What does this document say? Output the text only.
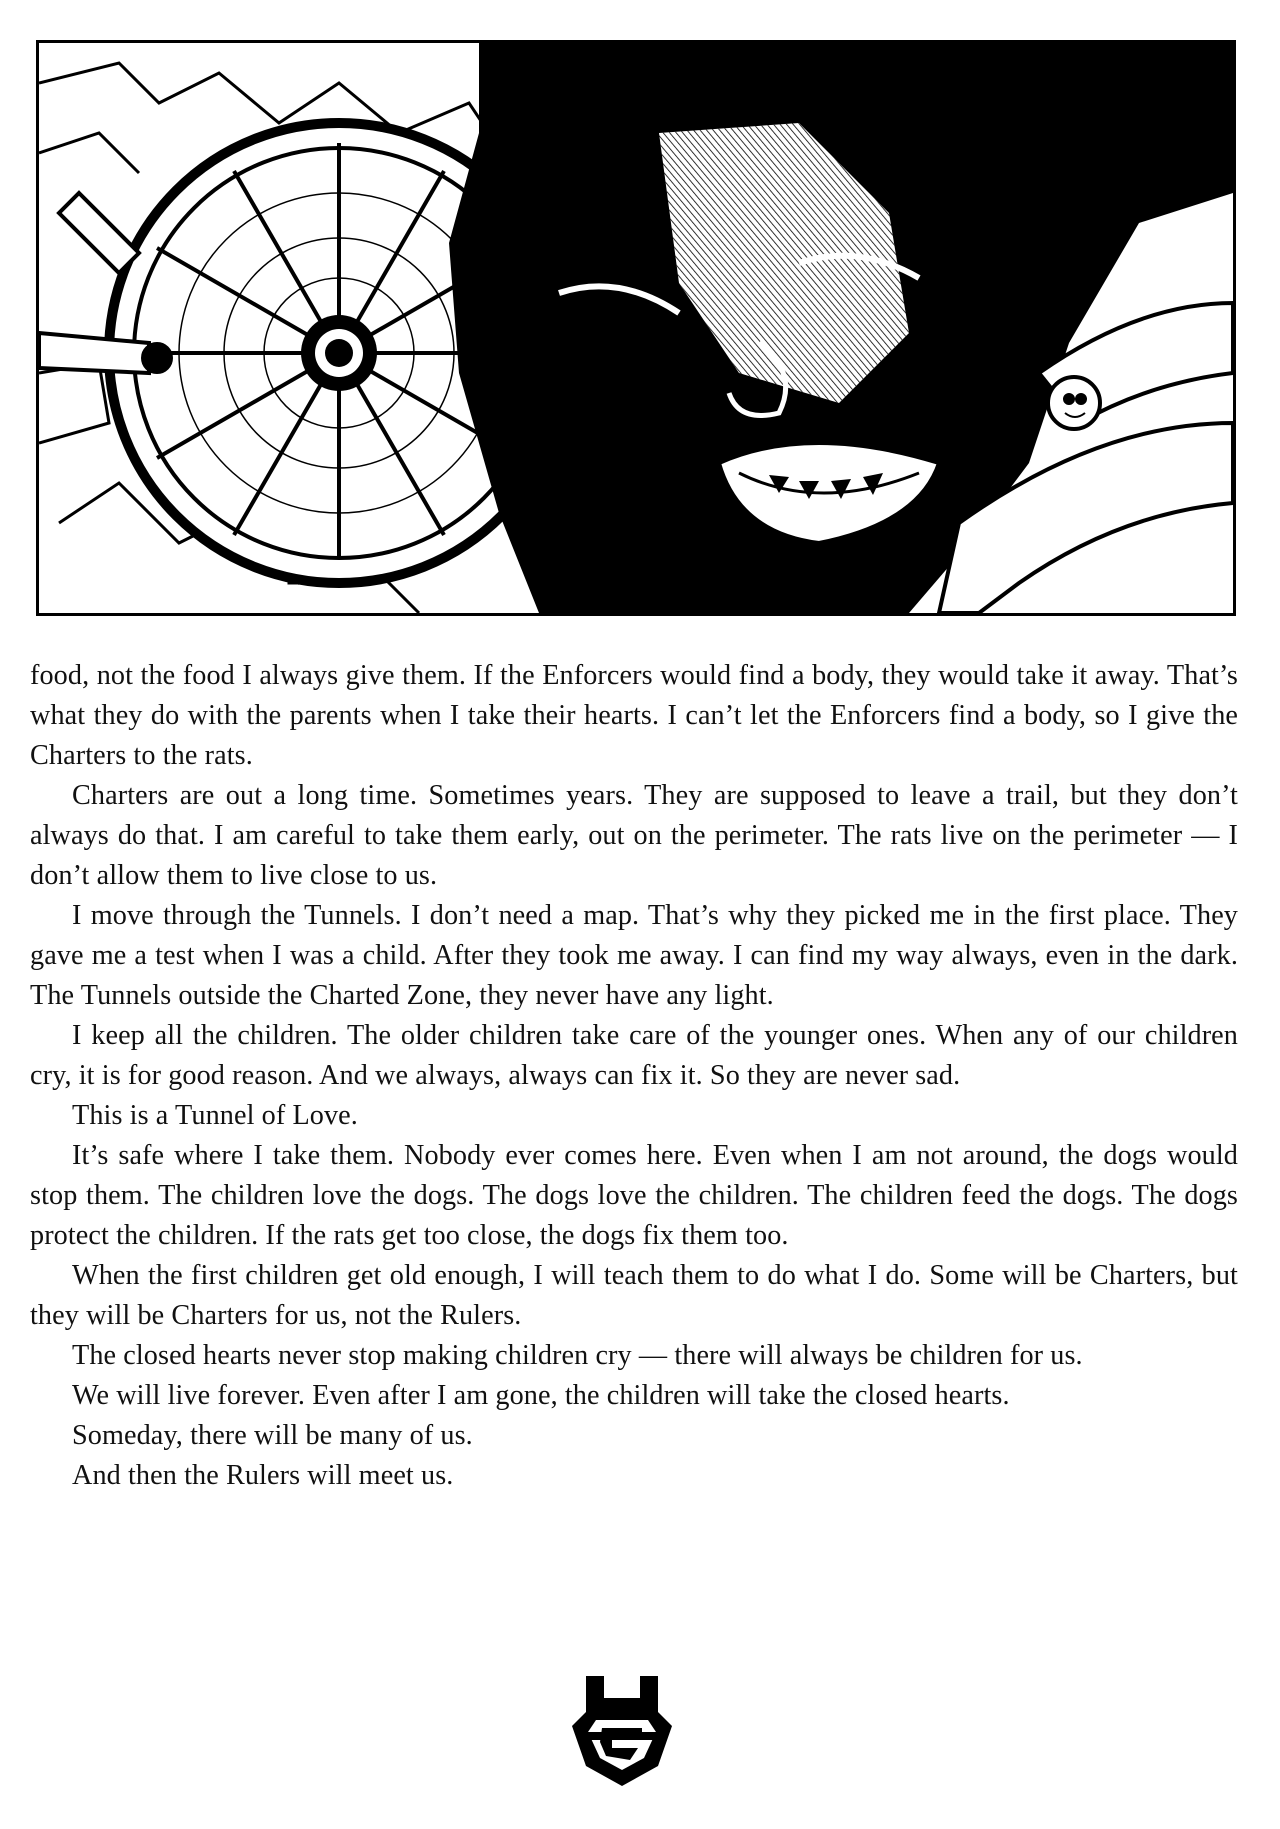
food, not the food I always give them. If the Enforcers would find a body, they would take it away. That’s what they do with the parents when I take their hearts. I can’t let the Enforcers find a body, so I give the Charters to the rats.

Charters are out a long time. Sometimes years. They are supposed to leave a trail, but they don’t always do that. I am careful to take them early, out on the perimeter. The rats live on the perimeter — I don’t allow them to live close to us.

I move through the Tunnels. I don’t need a map. That’s why they picked me in the first place. They gave me a test when I was a child. After they took me away. I can find my way always, even in the dark. The Tunnels outside the Charted Zone, they never have any light.

I keep all the children. The older children take care of the younger ones. When any of our children cry, it is for good reason. And we always, always can fix it. So they are never sad.

This is a Tunnel of Love.

It’s safe where I take them. Nobody ever comes here. Even when I am not around, the dogs would stop them. The children love the dogs. The dogs love the children. The children feed the dogs. The dogs protect the children. If the rats get too close, the dogs fix them too.

When the first children get old enough, I will teach them to do what I do. Some will be Charters, but they will be Charters for us, not the Rulers.

The closed hearts never stop making children cry — there will always be children for us.

We will live forever. Even after I am gone, the children will take the closed hearts.

Someday, there will be many of us.

And then the Rulers will meet us.
